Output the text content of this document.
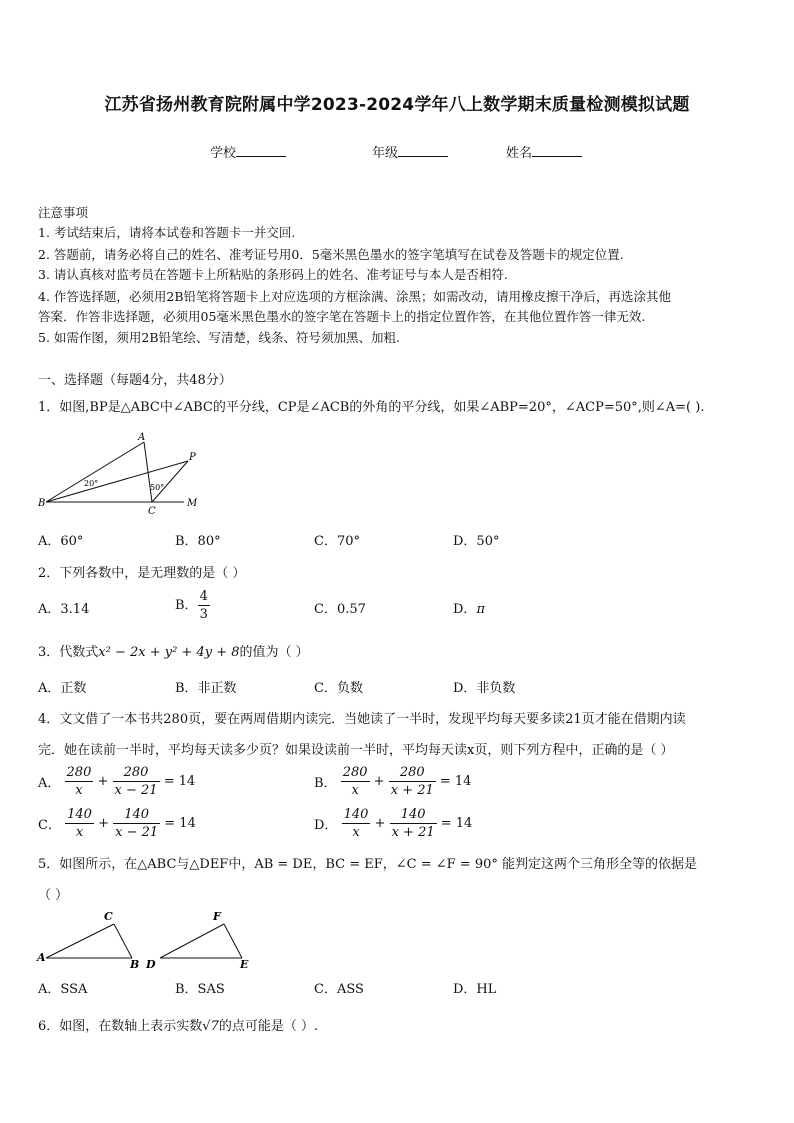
江苏省扬州教育院附属中学2023-2024学年八上数学期末质量检测模拟试题
学校	年级	姓名
注意事项
1. 考试结束后，请将本试卷和答题卡一并交回.
2. 答题前，请务必将自己的姓名、准考证号用0．5毫米黑色墨水的签字笔填写在试卷及答题卡的规定位置.
3. 请认真核对监考员在答题卡上所粘贴的条形码上的姓名、准考证号与本人是否相符.
4. 作答选择题，必须用2B铅笔将答题卡上对应选项的方框涂满、涂黑；如需改动，请用橡皮擦干净后，再选涂其他
答案．作答非选择题，必须用05毫米黑色墨水的签字笔在答题卡上的指定位置作答，在其他位置作答一律无效.
5. 如需作图，须用2B铅笔绘、写清楚，线条、符号须加黑、加粗.
一、选择题（每题4分，共48分）
1．如图,BP是△ABC中∠ABC的平分线，CP是∠ACB的外角的平分线，如果∠ABP=20°，∠ACP=50°,则∠A=( ).
A
B
C
P
M
20°	50°
A．60°	B．80°	C．70°	D．50°
2．下列各数中，是无理数的是（ ）
A．3.14	B． $\frac{4}{3}$	C．0.57	D．π
3．代数式x² − 2x + y² + 4y + 8的值为（ ）
A．正数	B．非正数	C．负数	D．非负数
4．文文借了一本书共280页，要在两周借期内读完．当她读了一半时，发现平均每天要多读21页才能在借期内读
完．她在读前一半时，平均每天读多少页？如果设读前一半时，平均每天读x页，则下列方程中，正确的是（ ）
A． $\frac{280}{x} + \frac{280}{x - 21} = 14$	B． $\frac{280}{x} + \frac{280}{x + 21} = 14$
C． $\frac{140}{x} + \frac{140}{x - 21} = 14$	D． $\frac{140}{x} + \frac{140}{x + 21} = 14$
5．如图所示，在△ABC与△DEF中，AB = DE，BC = EF，∠C = ∠F = 90° 能判定这两个三角形全等的依据是
（ ）
A
B
C
D	E
F
A．SSA	B．SAS	C．ASS	D．HL
6．如图，在数轴上表示实数√7的点可能是（ ）.
